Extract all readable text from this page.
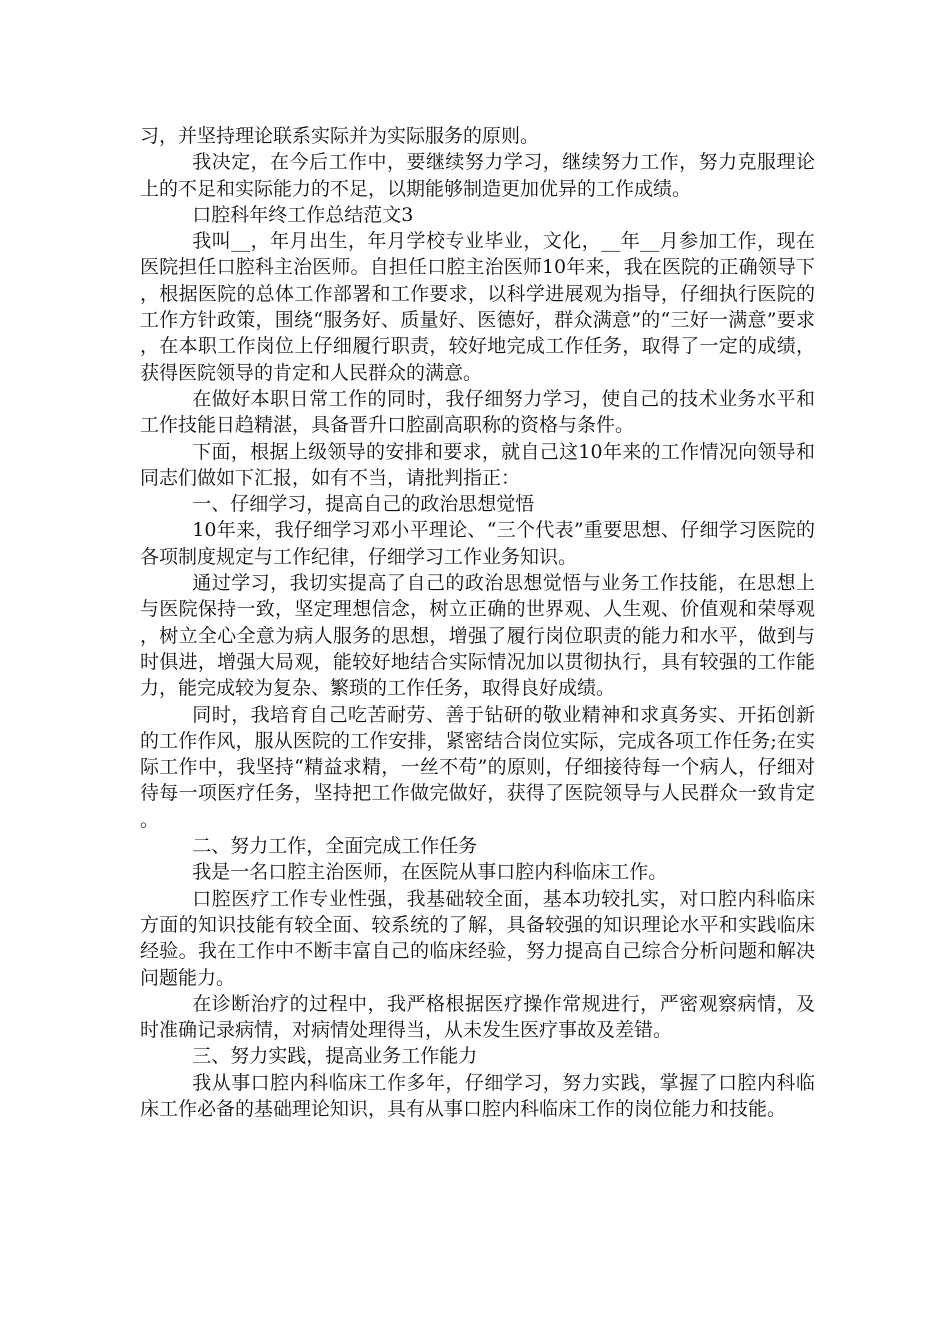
习，并坚持理论联系实际并为实际服务的原则。

我决定，在今后工作中，要继续努力学习，继续努力工作，努力克服理论上的不足和实际能力的不足，以期能够制造更加优异的工作成绩。

口腔科年终工作总结范文3

我叫__，年月出生，年月学校专业毕业，文化，__年__月参加工作，现在医院担任口腔科主治医师。自担任口腔主治医师10年来，我在医院的正确领导下，根据医院的总体工作部署和工作要求，以科学进展观为指导，仔细执行医院的工作方针政策，围绕“服务好、质量好、医德好，群众满意”的“三好一满意”要求，在本职工作岗位上仔细履行职责，较好地完成工作任务，取得了一定的成绩，获得医院领导的肯定和人民群众的满意。

在做好本职日常工作的同时，我仔细努力学习，使自己的技术业务水平和工作技能日趋精湛，具备晋升口腔副高职称的资格与条件。

下面，根据上级领导的安排和要求，就自己这10年来的工作情况向领导和同志们做如下汇报，如有不当，请批判指正：

一、仔细学习，提高自己的政治思想觉悟

10年来，我仔细学习邓小平理论、“三个代表”重要思想、仔细学习医院的各项制度规定与工作纪律，仔细学习工作业务知识。

通过学习，我切实提高了自己的政治思想觉悟与业务工作技能，在思想上与医院保持一致，坚定理想信念，树立正确的世界观、人生观、价值观和荣辱观，树立全心全意为病人服务的思想，增强了履行岗位职责的能力和水平，做到与时俱进，增强大局观，能较好地结合实际情况加以贯彻执行，具有较强的工作能力，能完成较为复杂、繁琐的工作任务，取得良好成绩。

同时，我培育自己吃苦耐劳、善于钻研的敬业精神和求真务实、开拓创新的工作作风，服从医院的工作安排，紧密结合岗位实际，完成各项工作任务;在实际工作中，我坚持“精益求精，一丝不苟”的原则，仔细接待每一个病人，仔细对待每一项医疗任务，坚持把工作做完做好，获得了医院领导与人民群众一致肯定。

二、努力工作，全面完成工作任务

我是一名口腔主治医师，在医院从事口腔内科临床工作。

口腔医疗工作专业性强，我基础较全面，基本功较扎实，对口腔内科临床方面的知识技能有较全面、较系统的了解，具备较强的知识理论水平和实践临床经验。我在工作中不断丰富自己的临床经验，努力提高自己综合分析问题和解决问题能力。

在诊断治疗的过程中，我严格根据医疗操作常规进行，严密观察病情，及时准确记录病情，对病情处理得当，从未发生医疗事故及差错。

三、努力实践，提高业务工作能力

我从事口腔内科临床工作多年，仔细学习，努力实践，掌握了口腔内科临床工作必备的基础理论知识，具有从事口腔内科临床工作的岗位能力和技能。
